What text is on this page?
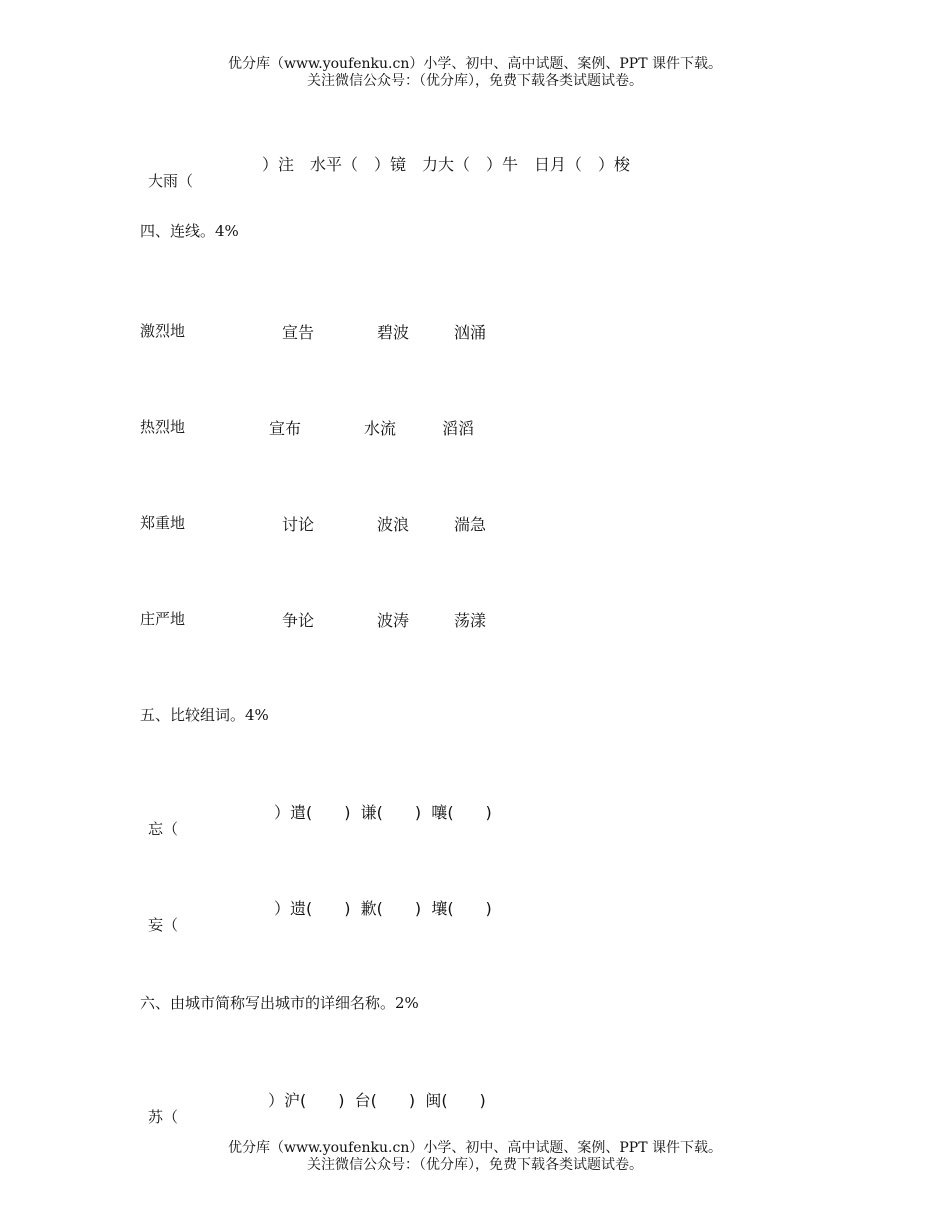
优分库（www.youfenku.cn）小学、初中、高中试题、案例、PPT 课件下载。
关注微信公众号：（优分库），免费下载各类试题试卷。

大雨（
）注　水平（　）镜　力大（　）牛　日月（　）梭

四、连线。4%
激烈地	宣告	碧波	汹涌
热烈地	宣布	水流	滔滔
郑重地	讨论	波浪	湍急
庄严地	争论	波涛	荡漾
五、比较组词。4%

忘（
）遣(　　)  谦(　　)  嚷(　　)

妄（
）遗(　　)  歉(　　)  壤(　　)

六、由城市简称写出城市的详细名称。2%

苏（
）沪(　　)  台(　　)  闽(　　)

优分库（www.youfenku.cn）小学、初中、高中试题、案例、PPT 课件下载。
关注微信公众号：（优分库），免费下载各类试题试卷。
